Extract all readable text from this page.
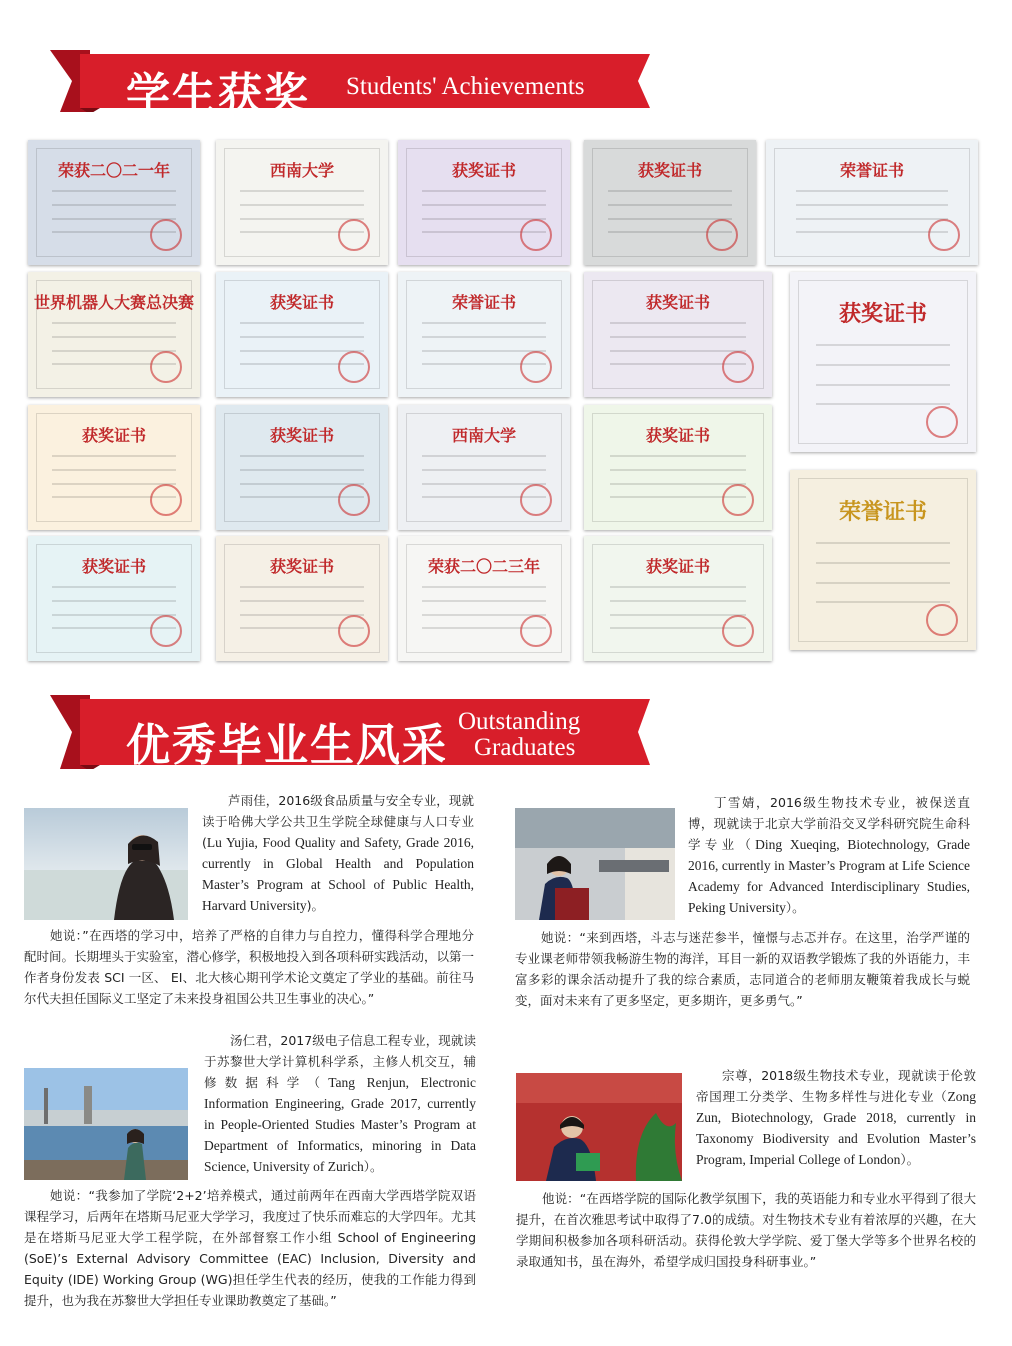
学生获奖 Students' Achievements
荣获二〇二一年	西南大学	获奖证书	获奖证书	荣誉证书
世界机器人大赛总决赛	获奖证书	荣誉证书	获奖证书	获奖证书
获奖证书	获奖证书	西南大学	获奖证书
荣誉证书
获奖证书	获奖证书	荣获二〇二三年	获奖证书
优秀毕业生风采 Outstanding
Graduates
芦雨佳，2016级食品质量与安全专业，现就读于哈佛大学公共卫生学院全球健康与人口专业(Lu Yujia, Food Quality and Safety, Grade 2016, currently in Global Health and Population Master’s Program at School of Public Health, Harvard University)。
她说：”在西塔的学习中，培养了严格的自律力与自控力，懂得科学合理地分配时间。长期埋头于实验室，潜心修学，积极地投入到各项科研实践活动，以第一作者身份发表 SCI 一区、 EI、北大核心期刊学术论文奠定了学业的基础。前往马尔代夫担任国际义工坚定了未来投身祖国公共卫生事业的决心。”
丁雪婧，2016级生物技术专业，被保送直博，现就读于北京大学前沿交叉学科研究院生命科学专业（Ding Xueqing, Biotechnology, Grade 2016, currently in Master’s Program at Life Science Academy for Advanced Interdisciplinary Studies, Peking University）。
她说：“来到西塔，斗志与迷茫参半，憧憬与忐忑并存。在这里，治学严谨的专业课老师带领我畅游生物的海洋，耳目一新的双语教学锻炼了我的外语能力，丰富多彩的课余活动提升了我的综合素质，志同道合的老师朋友鞭策着我成长与蜕变，面对未来有了更多坚定，更多期许，更多勇气。”
汤仁君，2017级电子信息工程专业，现就读于苏黎世大学计算机科学系，主修人机交互，辅修数据科学（Tang Renjun, Electronic Information Engineering, Grade 2017, currently in People-Oriented Studies Master’s Program at Department of Informatics, minoring in Data Science, University of Zurich）。
她说：“我参加了学院‘2+2’培养模式，通过前两年在西南大学西塔学院双语课程学习，后两年在塔斯马尼亚大学学习，我度过了快乐而难忘的大学四年。尤其是在塔斯马尼亚大学工程学院，在外部督察工作小组 School of Engineering (SoE)’s External Advisory Committee (EAC) Inclusion, Diversity and Equity (IDE) Working Group (WG)担任学生代表的经历，使我的工作能力得到提升，也为我在苏黎世大学担任专业课助教奠定了基础。”
宗尊，2018级生物技术专业，现就读于伦敦帝国理工分类学、生物多样性与进化专业（Zong Zun, Biotechnology, Grade 2018, currently in Taxonomy Biodiversity and Evolution Master’s Program, Imperial College of London）。
他说：“在西塔学院的国际化教学氛围下，我的英语能力和专业水平得到了很大提升，在首次雅思考试中取得了7.0的成绩。对生物技术专业有着浓厚的兴趣，在大学期间积极参加各项科研活动。获得伦敦大学学院、爱丁堡大学等多个世界名校的录取通知书，虽在海外，希望学成归国投身科研事业。”
